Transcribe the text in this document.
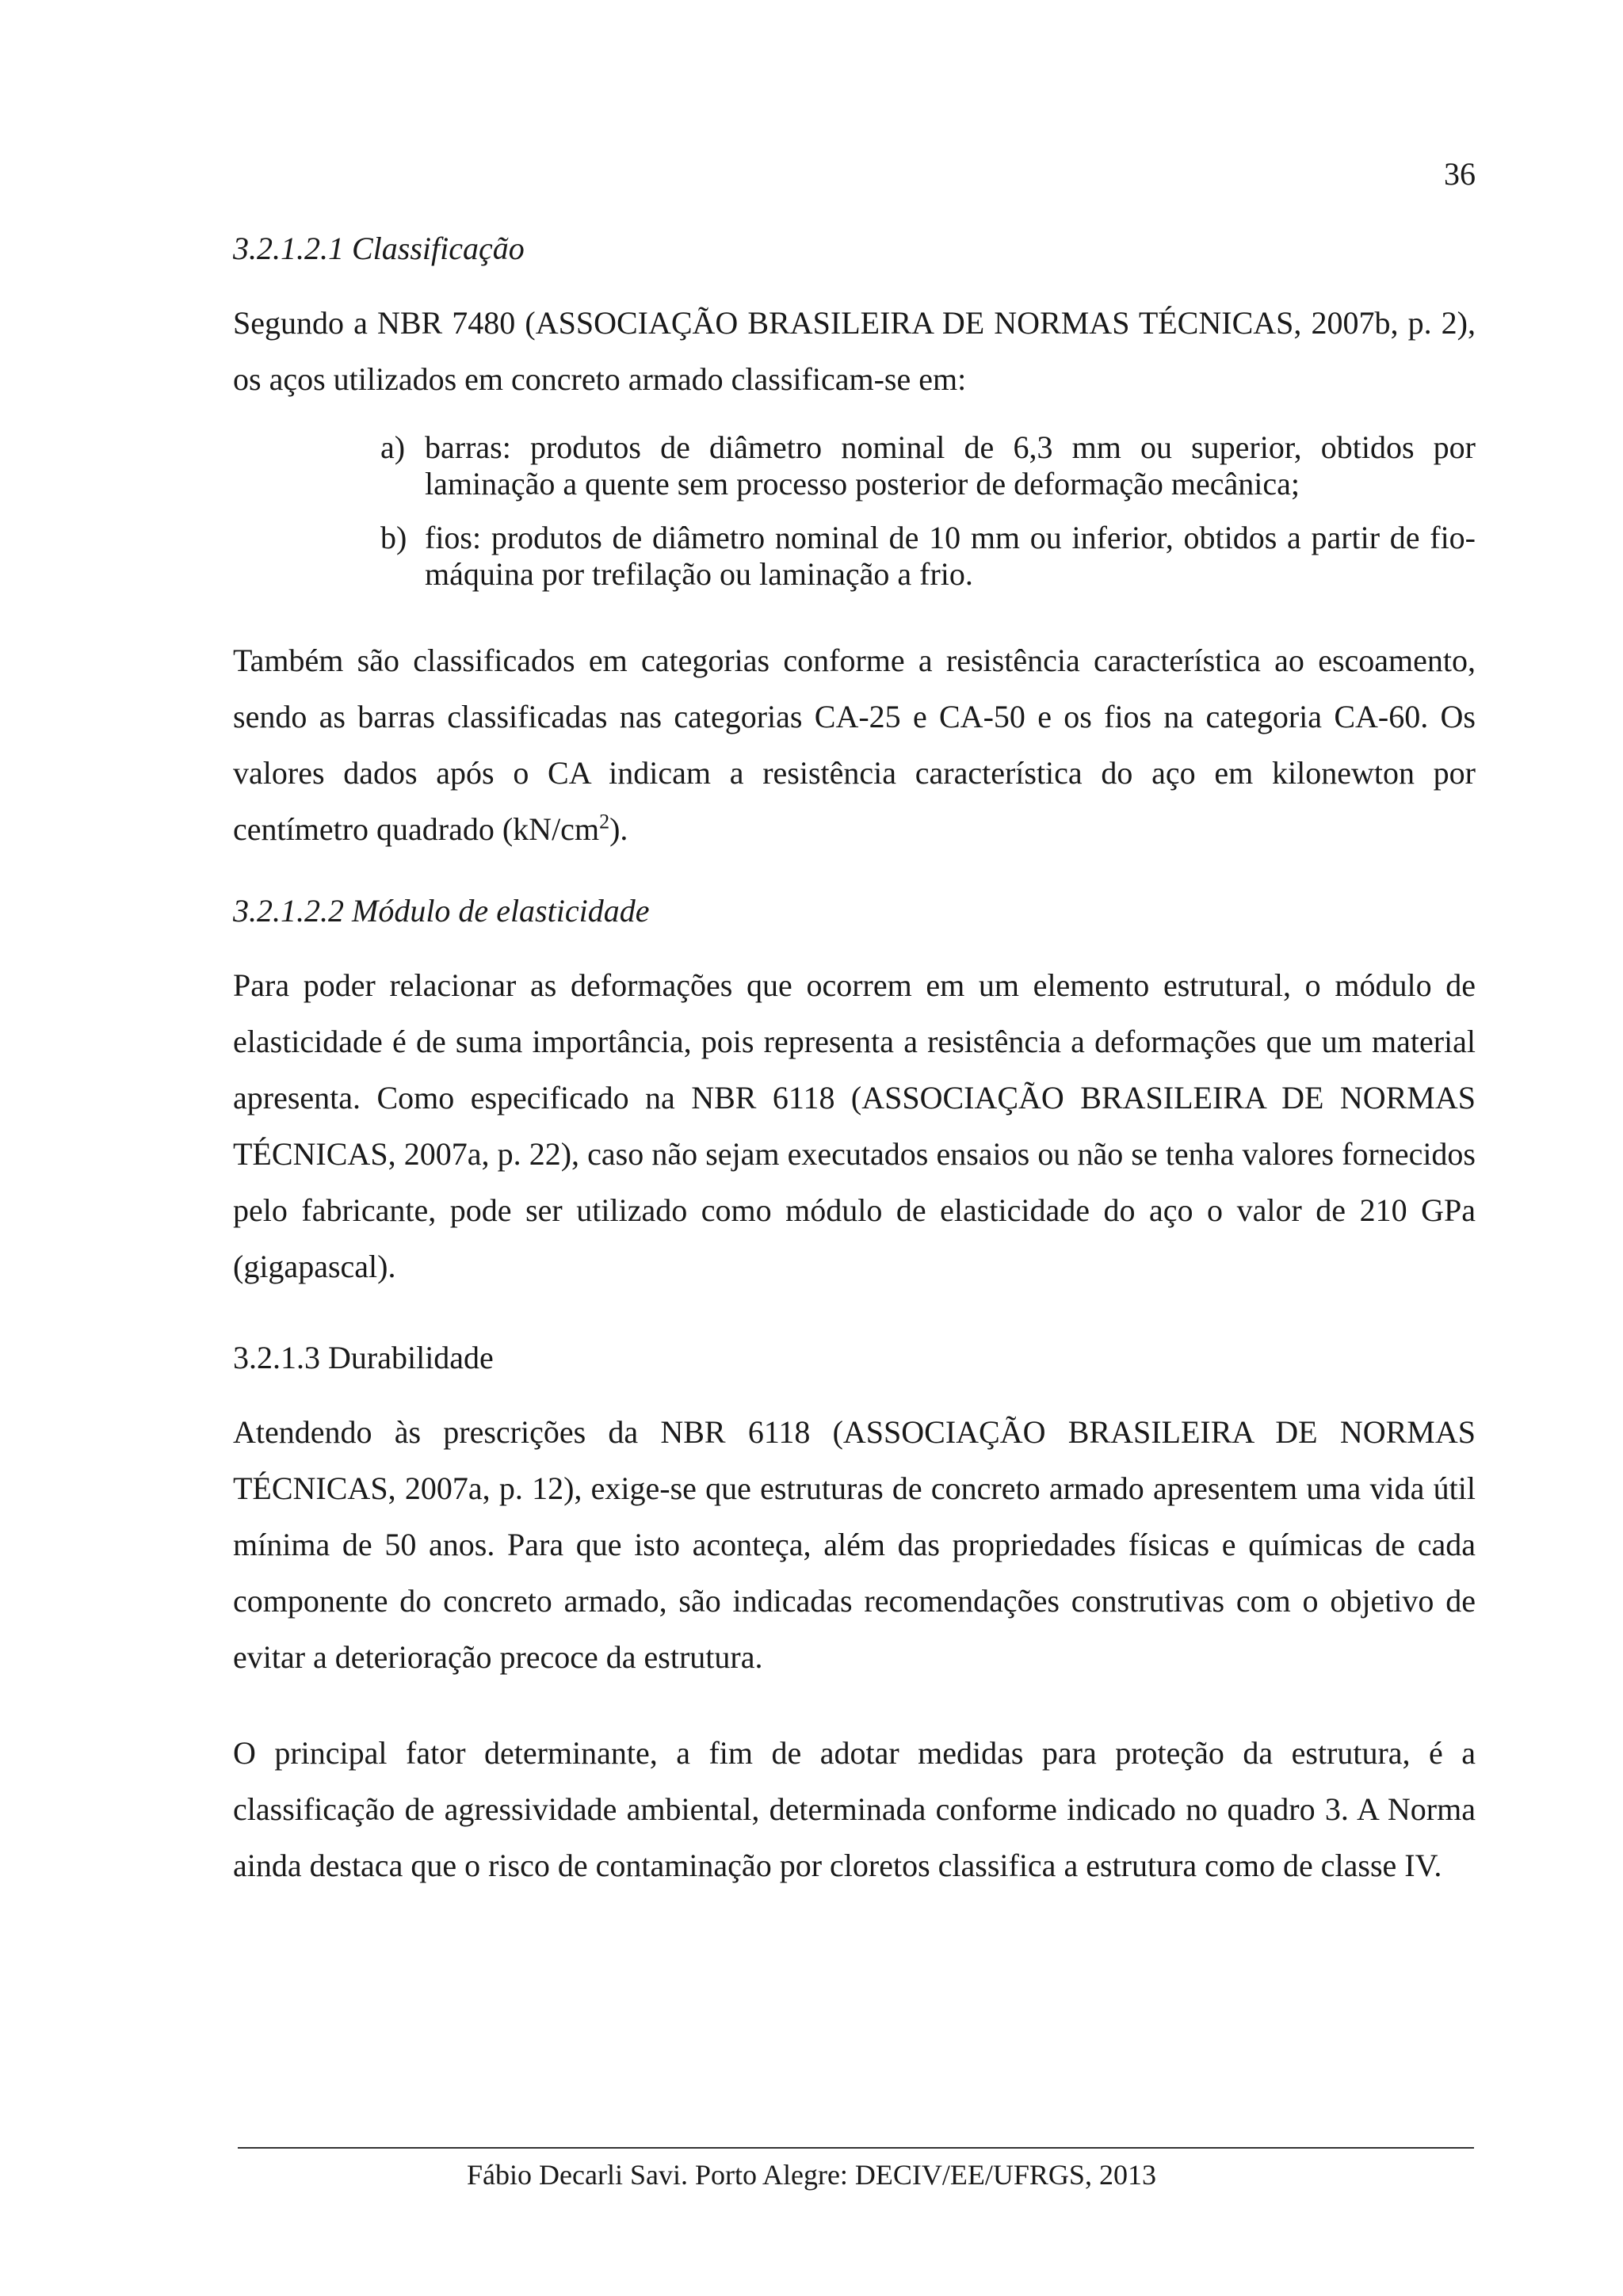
36
3.2.1.2.1 Classificação

Segundo a NBR 7480 (ASSOCIAÇÃO BRASILEIRA DE NORMAS TÉCNICAS, 2007b, p. 2), os aços utilizados em concreto armado classificam-se em:

a) barras: produtos de diâmetro nominal de 6,3 mm ou superior, obtidos por laminação a quente sem processo posterior de deformação mecânica;
b) fios: produtos de diâmetro nominal de 10 mm ou inferior, obtidos a partir de fio-máquina por trefilação ou laminação a frio.

Também são classificados em categorias conforme a resistência característica ao escoamento, sendo as barras classificadas nas categorias CA-25 e CA-50 e os fios na categoria CA-60. Os valores dados após o CA indicam a resistência característica do aço em kilonewton por centímetro quadrado $(kN/cm^2)$.

3.2.1.2.2 Módulo de elasticidade

Para poder relacionar as deformações que ocorrem em um elemento estrutural, o módulo de elasticidade é de suma importância, pois representa a resistência a deformações que um material apresenta. Como especificado na NBR 6118 (ASSOCIAÇÃO BRASILEIRA DE NORMAS TÉCNICAS, 2007a, p. 22), caso não sejam executados ensaios ou não se tenha valores fornecidos pelo fabricante, pode ser utilizado como módulo de elasticidade do aço o valor de 210 GPa (gigapascal).

3.2.1.3 Durabilidade

Atendendo às prescrições da NBR 6118 (ASSOCIAÇÃO BRASILEIRA DE NORMAS TÉCNICAS, 2007a, p. 12), exige-se que estruturas de concreto armado apresentem uma vida útil mínima de 50 anos. Para que isto aconteça, além das propriedades físicas e químicas de cada componente do concreto armado, são indicadas recomendações construtivas com o objetivo de evitar a deterioração precoce da estrutura.

O principal fator determinante, a fim de adotar medidas para proteção da estrutura, é a classificação de agressividade ambiental, determinada conforme indicado no quadro 3. A Norma ainda destaca que o risco de contaminação por cloretos classifica a estrutura como de classe IV.

Fábio Decarli Savi. Porto Alegre: DECIV/EE/UFRGS, 2013
